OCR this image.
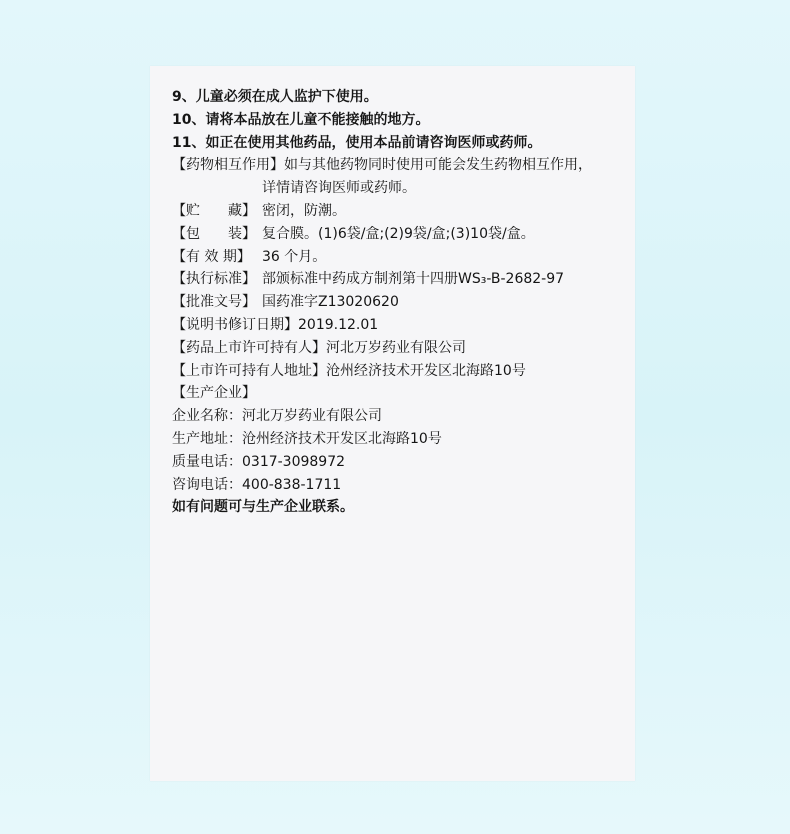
9、儿童必须在成人监护下使用。
10、请将本品放在儿童不能接触的地方。
11、如正在使用其他药品，使用本品前请咨询医师或药师。
【药物相互作用】如与其他药物同时使用可能会发生药物相互作用，
详情请咨询医师或药师。
【贮　　藏】 密闭，防潮。
【包　　装】 复合膜。(1)6袋/盒;(2)9袋/盒;(3)10袋/盒。
【有 效 期】 36 个月。
【执行标准】 部颁标准中药成方制剂第十四册WS₃-B-2682-97
【批准文号】 国药准字Z13020620
【说明书修订日期】2019.12.01
【药品上市许可持有人】河北万岁药业有限公司
【上市许可持有人地址】沧州经济技术开发区北海路10号
【生产企业】
企业名称：河北万岁药业有限公司
生产地址：沧州经济技术开发区北海路10号
质量电话：0317-3098972
咨询电话：400-838-1711
如有问题可与生产企业联系。
